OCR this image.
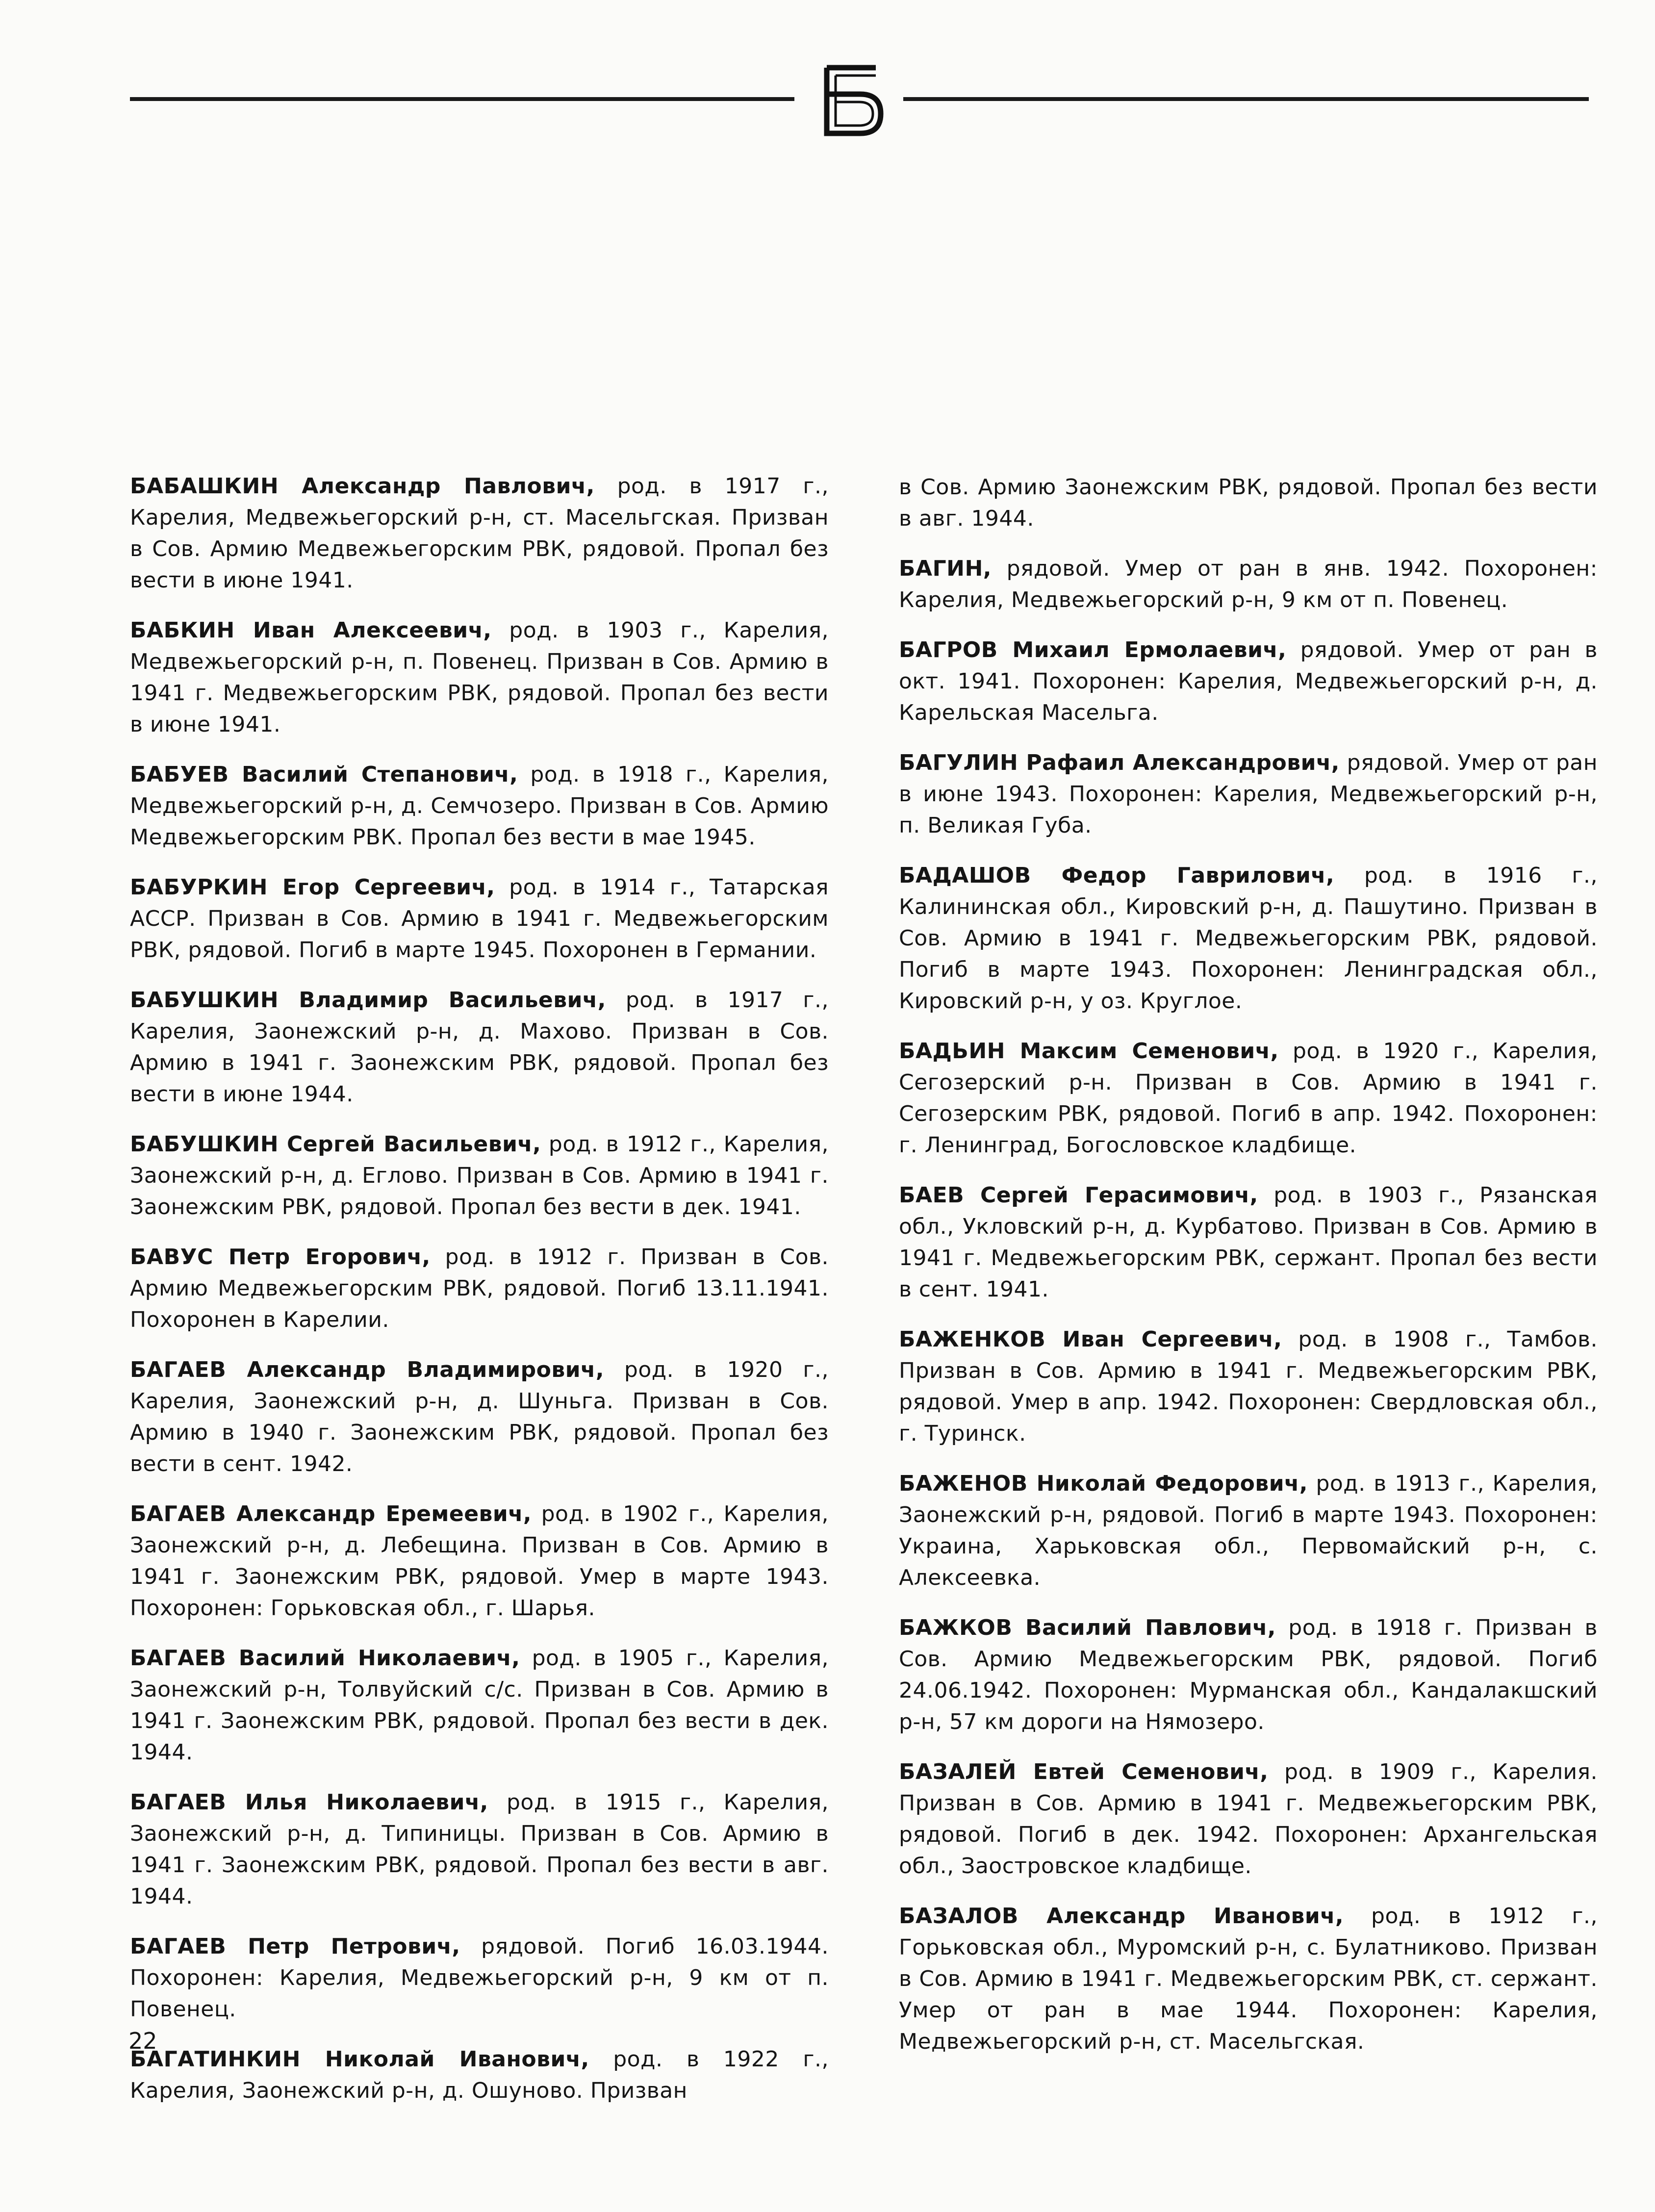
БАБАШКИН Александр Павлович, род. в 1917 г., Карелия, Медвежьегорский р-н, ст. Масельгская. Призван в Сов. Армию Медвежьегорским РВК, рядовой. Пропал без вести в июне 1941.

БАБКИН Иван Алексеевич, род. в 1903 г., Карелия, Медвежьегорский р-н, п. Повенец. Призван в Сов. Армию в 1941 г. Медвежьегорским РВК, рядовой. Пропал без вести в июне 1941.

БАБУЕВ Василий Степанович, род. в 1918 г., Карелия, Медвежьегорский р-н, д. Семчозеро. Призван в Сов. Армию Медвежьегорским РВК. Пропал без вести в мае 1945.

БАБУРКИН Егор Сергеевич, род. в 1914 г., Татарская АССР. Призван в Сов. Армию в 1941 г. Медвежьегорским РВК, рядовой. Погиб в марте 1945. Похоронен в Германии.

БАБУШКИН Владимир Васильевич, род. в 1917 г., Карелия, Заонежский р-н, д. Махово. Призван в Сов. Армию в 1941 г. Заонежским РВК, рядовой. Пропал без вести в июне 1944.

БАБУШКИН Сергей Васильевич, род. в 1912 г., Карелия, Заонежский р-н, д. Еглово. Призван в Сов. Армию в 1941 г. Заонежским РВК, рядовой. Пропал без вести в дек. 1941.

БАВУС Петр Егорович, род. в 1912 г. Призван в Сов. Армию Медвежьегорским РВК, рядовой. Погиб 13.11.1941. Похоронен в Карелии.

БАГАЕВ Александр Владимирович, род. в 1920 г., Карелия, Заонежский р-н, д. Шуньга. Призван в Сов. Армию в 1940 г. Заонежским РВК, рядовой. Пропал без вести в сент. 1942.

БАГАЕВ Александр Еремеевич, род. в 1902 г., Карелия, Заонежский р-н, д. Лебещина. Призван в Сов. Армию в 1941 г. Заонежским РВК, рядовой. Умер в марте 1943. Похоронен: Горьковская обл., г. Шарья.

БАГАЕВ Василий Николаевич, род. в 1905 г., Карелия, Заонежский р-н, Толвуйский с/с. Призван в Сов. Армию в 1941 г. Заонежским РВК, рядовой. Пропал без вести в дек. 1944.

БАГАЕВ Илья Николаевич, род. в 1915 г., Карелия, Заонежский р-н, д. Типиницы. Призван в Сов. Армию в 1941 г. Заонежским РВК, рядовой. Пропал без вести в авг. 1944.

БАГАЕВ Петр Петрович, рядовой. Погиб 16.03.1944. Похоронен: Карелия, Медвежьегорский р-н, 9 км от п. Повенец.

БАГАТИНКИН Николай Иванович, род. в 1922 г., Карелия, Заонежский р-н, д. Ошуново. Призван

в Сов. Армию Заонежским РВК, рядовой. Пропал без вести в авг. 1944.

БАГИН, рядовой. Умер от ран в янв. 1942. Похоронен: Карелия, Медвежьегорский р-н, 9 км от п. Повенец.

БАГРОВ Михаил Ермолаевич, рядовой. Умер от ран в окт. 1941. Похоронен: Карелия, Медвежьегорский р-н, д. Карельская Масельга.

БАГУЛИН Рафаил Александрович, рядовой. Умер от ран в июне 1943. Похоронен: Карелия, Медвежьегорский р-н, п. Великая Губа.

БАДАШОВ Федор Гаврилович, род. в 1916 г., Калининская обл., Кировский р-н, д. Пашутино. Призван в Сов. Армию в 1941 г. Медвежьегорским РВК, рядовой. Погиб в марте 1943. Похоронен: Ленинградская обл., Кировский р-н, у оз. Круглое.

БАДЬИН Максим Семенович, род. в 1920 г., Карелия, Сегозерский р-н. Призван в Сов. Армию в 1941 г. Сегозерским РВК, рядовой. Погиб в апр. 1942. Похоронен: г. Ленинград, Богословское кладбище.

БАЕВ Сергей Герасимович, род. в 1903 г., Рязанская обл., Укловский р-н, д. Курбатово. Призван в Сов. Армию в 1941 г. Медвежьегорским РВК, сержант. Пропал без вести в сент. 1941.

БАЖЕНКОВ Иван Сергеевич, род. в 1908 г., Тамбов. Призван в Сов. Армию в 1941 г. Медвежьегорским РВК, рядовой. Умер в апр. 1942. Похоронен: Свердловская обл., г. Туринск.

БАЖЕНОВ Николай Федорович, род. в 1913 г., Карелия, Заонежский р-н, рядовой. Погиб в марте 1943. Похоронен: Украина, Харьковская обл., Первомайский р-н, с. Алексеевка.

БАЖКОВ Василий Павлович, род. в 1918 г. Призван в Сов. Армию Медвежьегорским РВК, рядовой. Погиб 24.06.1942. Похоронен: Мурманская обл., Кандалакшский р-н, 57 км дороги на Нямозеро.

БАЗАЛЕЙ Евтей Семенович, род. в 1909 г., Карелия. Призван в Сов. Армию в 1941 г. Медвежьегорским РВК, рядовой. Погиб в дек. 1942. Похоронен: Архангельская обл., Заостровское кладбище.

БАЗАЛОВ Александр Иванович, род. в 1912 г., Горьковская обл., Муромский р-н, с. Булатниково. Призван в Сов. Армию в 1941 г. Медвежьегорским РВК, ст. сержант. Умер от ран в мае 1944. Похоронен: Карелия, Медвежьегорский р-н, ст. Масельгская.

22
